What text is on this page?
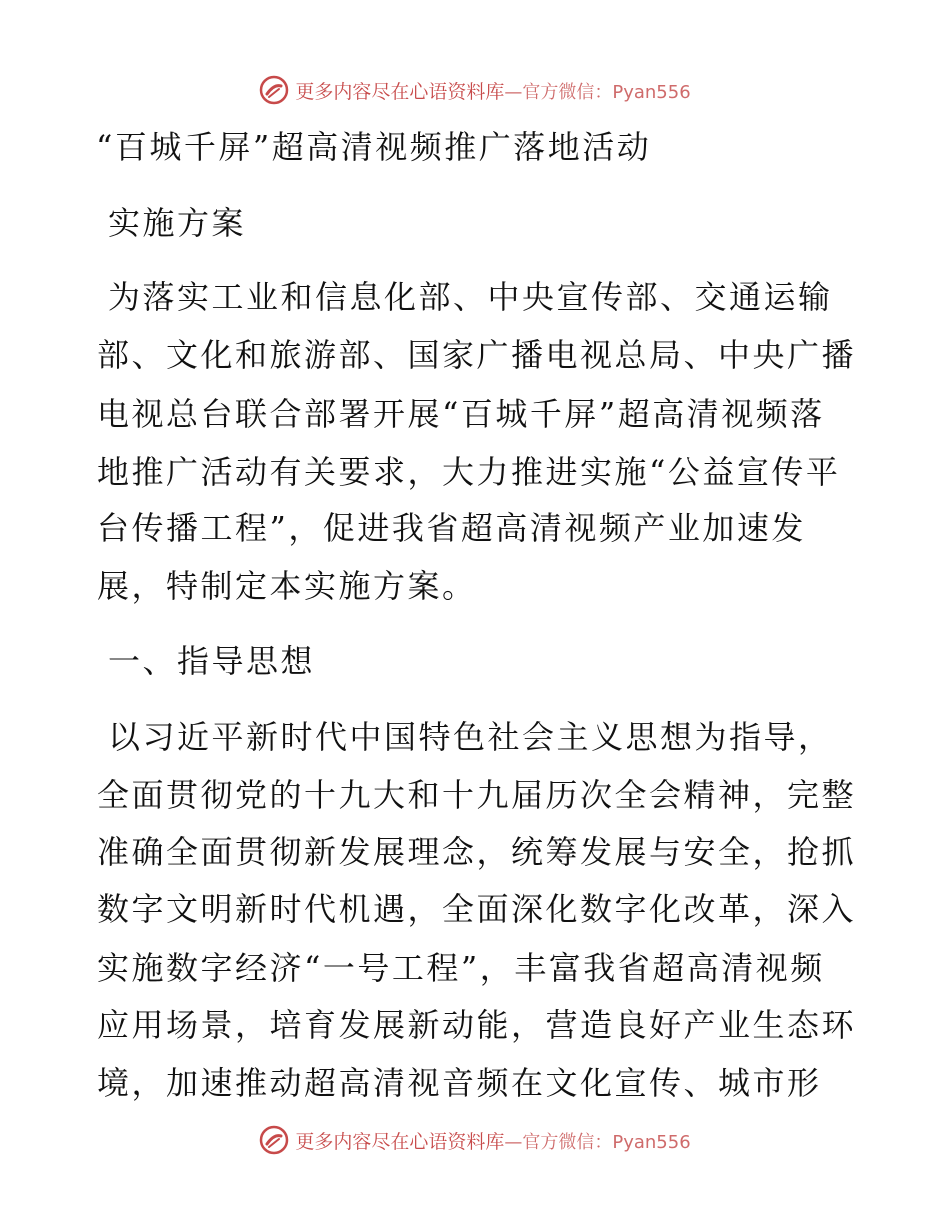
更多内容尽在心语资料库—官方微信：Pyan556
“百城千屏”超高清视频推广落地活动
实施方案
为落实工业和信息化部、中央宣传部、交通运输
部、文化和旅游部、国家广播电视总局、中央广播
电视总台联合部署开展“百城千屏”超高清视频落
地推广活动有关要求，大力推进实施“公益宣传平
台传播工程”，促进我省超高清视频产业加速发
展，特制定本实施方案。
一、指导思想
以习近平新时代中国特色社会主义思想为指导，
全面贯彻党的十九大和十九届历次全会精神，完整
准确全面贯彻新发展理念，统筹发展与安全，抢抓
数字文明新时代机遇，全面深化数字化改革，深入
实施数字经济“一号工程”，丰富我省超高清视频
应用场景，培育发展新动能，营造良好产业生态环
境，加速推动超高清视音频在文化宣传、城市形
更多内容尽在心语资料库—官方微信：Pyan556
